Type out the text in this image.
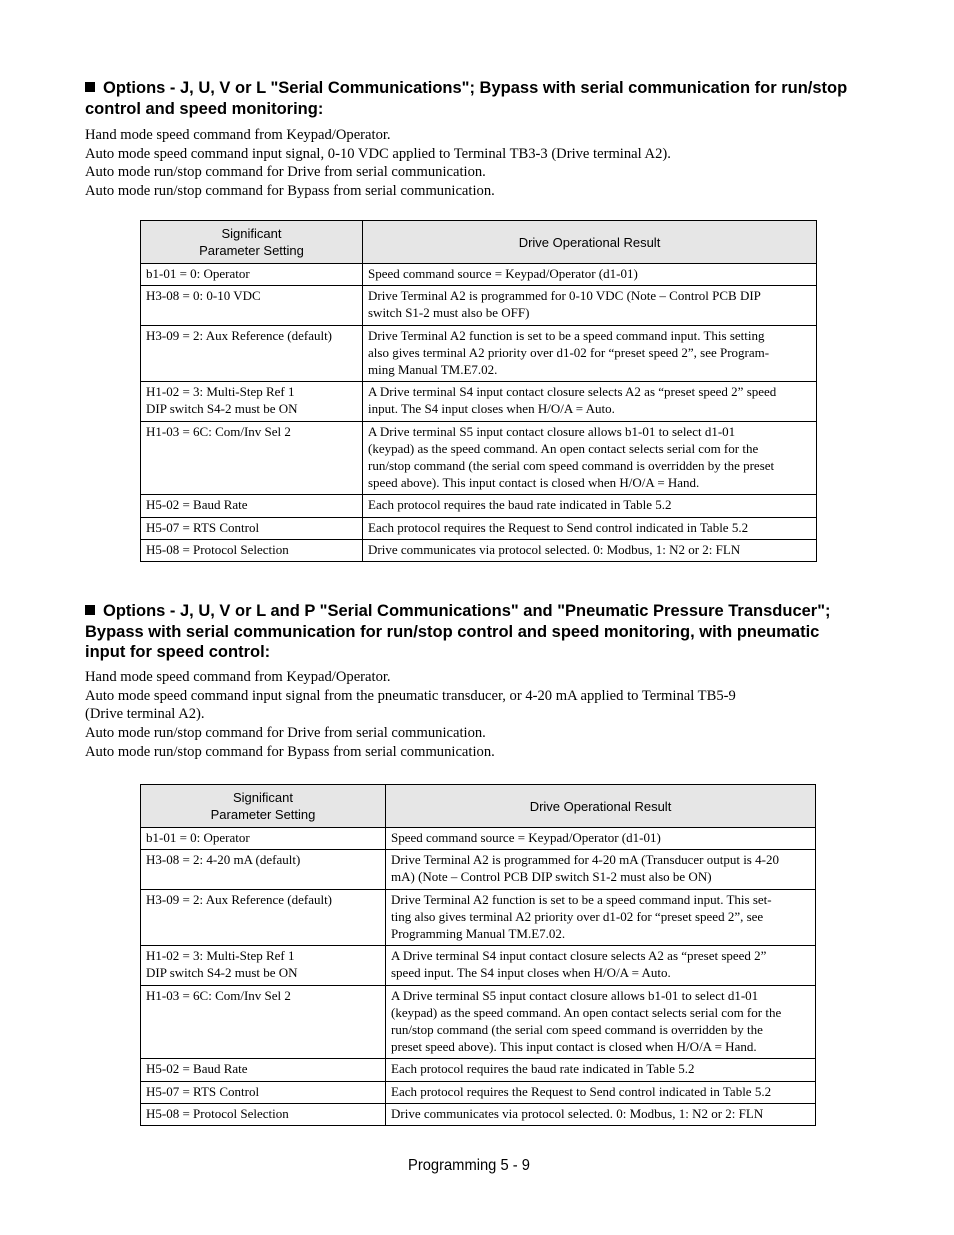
Options - J, U, V or L "Serial Communications"; Bypass with serial communication for run/stop
control and speed monitoring:
Hand mode speed command from Keypad/Operator.
Auto mode speed command input signal, 0-10 VDC applied to Terminal TB3-3 (Drive terminal A2).
Auto mode run/stop command for Drive from serial communication.
Auto mode run/stop command for Bypass from serial communication.
Significant
Parameter Setting	Drive Operational Result

b1-01 = 0: Operator	Speed command source = Keypad/Operator (d1-01)

H3-08 = 0: 0-10 VDC	Drive Terminal A2 is programmed for 0-10 VDC (Note – Control PCB DIP
switch S1-2 must also be OFF)

H3-09 = 2: Aux Reference (default)	Drive Terminal A2 function is set to be a speed command input. This setting
also gives terminal A2 priority over d1-02 for “preset speed 2”, see Program-
ming Manual TM.E7.02.

H1-02 = 3: Multi-Step Ref 1
DIP switch S4-2 must be ON	A Drive terminal S4 input contact closure selects A2 as “preset speed 2” speed
input. The S4 input closes when H/O/A = Auto.

H1-03 = 6C: Com/Inv Sel 2	A Drive terminal S5 input contact closure allows b1-01 to select d1-01
(keypad) as the speed command. An open contact selects serial com for the
run/stop command (the serial com speed command is overridden by the preset
speed above). This input contact is closed when H/O/A = Hand.

H5-02 = Baud Rate	Each protocol requires the baud rate indicated in Table 5.2

H5-07 = RTS Control	Each protocol requires the Request to Send control indicated in Table 5.2

H5-08 = Protocol Selection	Drive communicates via protocol selected. 0: Modbus, 1: N2 or 2: FLN
Options - J, U, V or L and P "Serial Communications" and "Pneumatic Pressure Transducer";
Bypass with serial communication for run/stop control and speed monitoring, with pneumatic
input for speed control:
Hand mode speed command from Keypad/Operator.
Auto mode speed command input signal from the pneumatic transducer, or 4-20 mA applied to Terminal TB5-9
(Drive terminal A2).
Auto mode run/stop command for Drive from serial communication.
Auto mode run/stop command for Bypass from serial communication.
Significant
Parameter Setting	Drive Operational Result

b1-01 = 0: Operator	Speed command source = Keypad/Operator (d1-01)

H3-08 = 2: 4-20 mA (default)	Drive Terminal A2 is programmed for 4-20 mA (Transducer output is 4-20
mA) (Note – Control PCB DIP switch S1-2 must also be ON)

H3-09 = 2: Aux Reference (default)	Drive Terminal A2 function is set to be a speed command input. This set-
ting also gives terminal A2 priority over d1-02 for “preset speed 2”, see
Programming Manual TM.E7.02.

H1-02 = 3: Multi-Step Ref 1
DIP switch S4-2 must be ON	A Drive terminal S4 input contact closure selects A2 as “preset speed 2”
speed input. The S4 input closes when H/O/A = Auto.

H1-03 = 6C: Com/Inv Sel 2	A Drive terminal S5 input contact closure allows b1-01 to select d1-01
(keypad) as the speed command. An open contact selects serial com for the
run/stop command (the serial com speed command is overridden by the
preset speed above). This input contact is closed when H/O/A = Hand.

H5-02 = Baud Rate	Each protocol requires the baud rate indicated in Table 5.2

H5-07 = RTS Control	Each protocol requires the Request to Send control indicated in Table 5.2

H5-08 = Protocol Selection	Drive communicates via protocol selected. 0: Modbus, 1: N2 or 2: FLN
Programming 5 - 9
